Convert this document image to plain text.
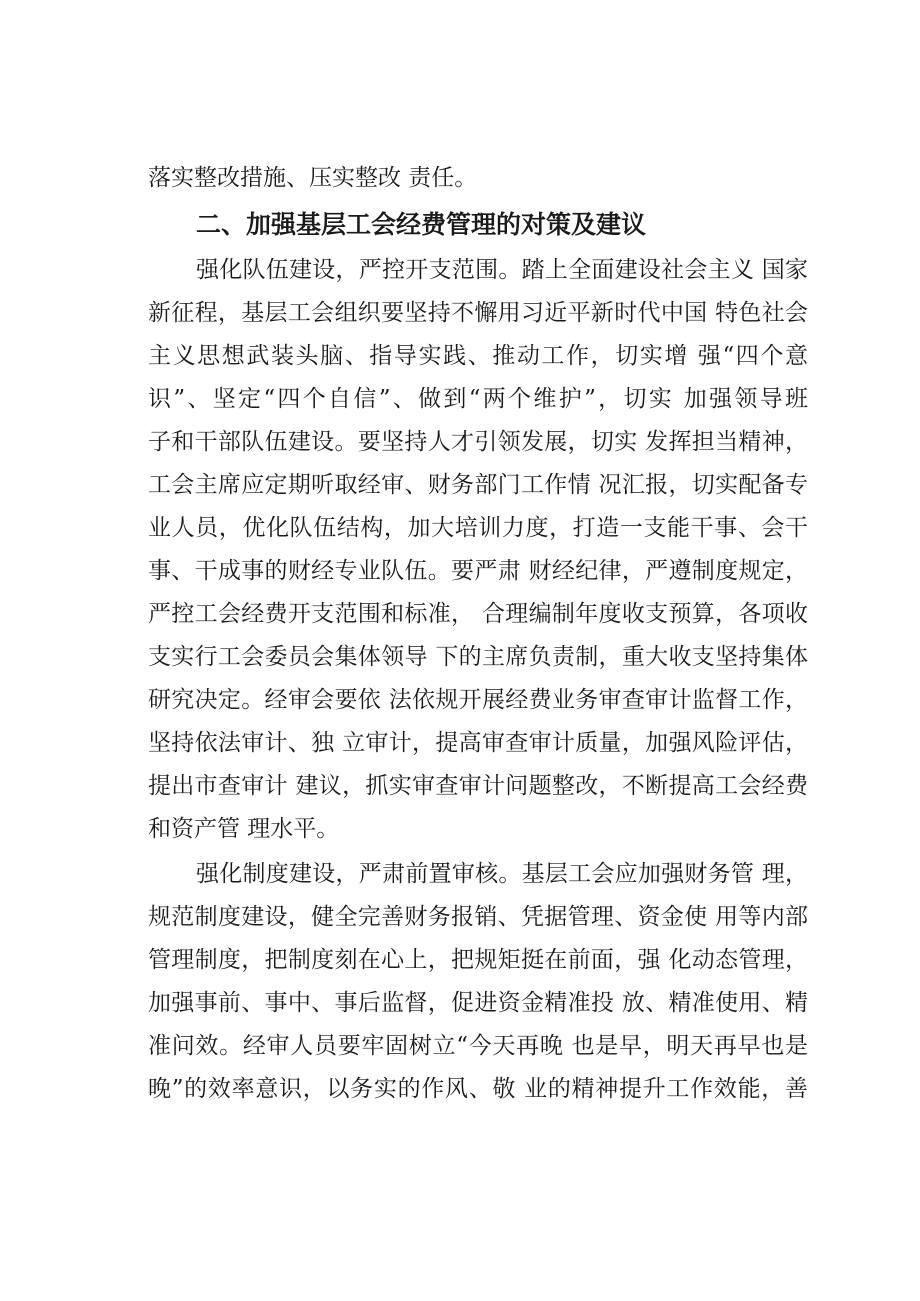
落实整改措施、压实整改 责任。
二、加强基层工会经费管理的对策及建议
强化队伍建设，严控开支范围。踏上全面建设社会主义 国家
新征程，基层工会组织要坚持不懈用习近平新时代中国 特色社会
主义思想武装头脑、指导实践、推动工作，切实增 强“四个意
识”、坚定“四个自信”、做到“两个维护”，切实 加强领导班
子和干部队伍建设。要坚持人才引领发展，切实 发挥担当精神，
工会主席应定期听取经审、财务部门工作情 况汇报，切实配备专
业人员，优化队伍结构，加大培训力度，打造一支能干事、会干
事、干成事的财经专业队伍。要严肃 财经纪律，严遵制度规定，
严控工会经费开支范围和标准， 合理编制年度收支预算，各项收
支实行工会委员会集体领导 下的主席负责制，重大收支坚持集体
研究决定。经审会要依 法依规开展经费业务审查审计监督工作，
坚持依法审计、独 立审计，提高审查审计质量，加强风险评估，
提出市查审计 建议，抓实审查审计问题整改，不断提高工会经费
和资产管 理水平。
强化制度建设，严肃前置审核。基层工会应加强财务管 理，
规范制度建设，健全完善财务报销、凭据管理、资金使 用等内部
管理制度，把制度刻在心上，把规矩挺在前面，强 化动态管理，
加强事前、事中、事后监督，促进资金精准投 放、精准使用、精
准问效。经审人员要牢固树立“今天再晚 也是早，明天再早也是
晚”的效率意识，以务实的作风、敬 业的精神提升工作效能，善
